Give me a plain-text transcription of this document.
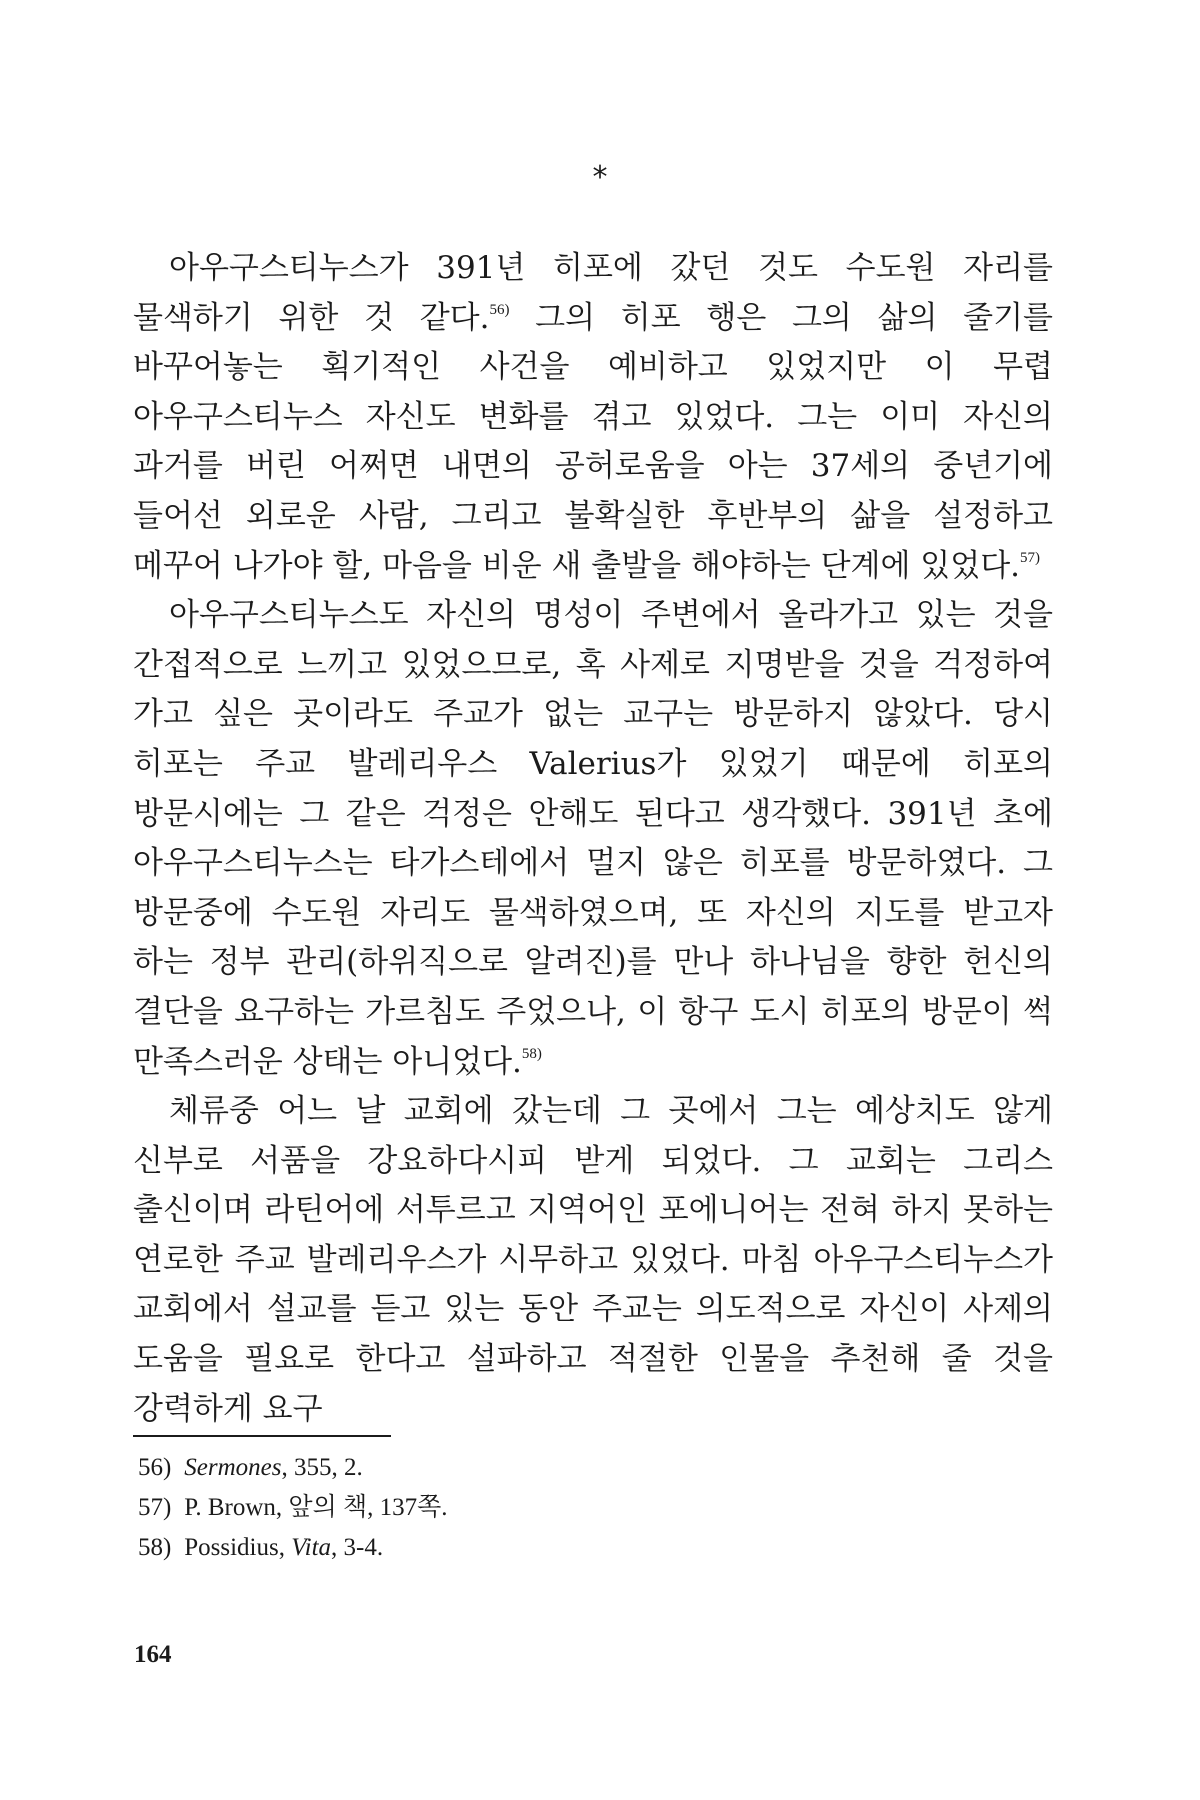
*

아우구스티누스가 391년 히포에 갔던 것도 수도원 자리를 물색하기 위한 것 같다.$^{56)}$ 그의 히포 행은 그의 삶의 줄기를 바꾸어놓는 획기적인 사건을 예비하고 있었지만 이 무렵 아우구스티누스 자신도 변화를 겪고 있었다. 그는 이미 자신의 과거를 버린 어쩌면 내면의 공허로움을 아는 37세의 중년기에 들어선 외로운 사람, 그리고 불확실한 후반부의 삶을 설정하고 메꾸어 나가야 할, 마음을 비운 새 출발을 해야하는 단계에 있었다.$^{57)}$

아우구스티누스도 자신의 명성이 주변에서 올라가고 있는 것을 간접적으로 느끼고 있었으므로, 혹 사제로 지명받을 것을 걱정하여 가고 싶은 곳이라도 주교가 없는 교구는 방문하지 않았다. 당시 히포는 주교 발레리우스 Valerius가 있었기 때문에 히포의 방문시에는 그 같은 걱정은 안해도 된다고 생각했다. 391년 초에 아우구스티누스는 타가스테에서 멀지 않은 히포를 방문하였다. 그 방문중에 수도원 자리도 물색하였으며, 또 자신의 지도를 받고자 하는 정부 관리(하위직으로 알려진)를 만나 하나님을 향한 헌신의 결단을 요구하는 가르침도 주었으나, 이 항구 도시 히포의 방문이 썩 만족스러운 상태는 아니었다.$^{58)}$

체류중 어느 날 교회에 갔는데 그 곳에서 그는 예상치도 않게 신부로 서품을 강요하다시피 받게 되었다. 그 교회는 그리스 출신이며 라틴어에 서투르고 지역어인 포에니어는 전혀 하지 못하는 연로한 주교 발레리우스가 시무하고 있었다. 마침 아우구스티누스가 교회에서 설교를 듣고 있는 동안 주교는 의도적으로 자신이 사제의 도움을 필요로 한다고 설파하고 적절한 인물을 추천해 줄 것을 강력하게 요구

56) Sermones, 355, 2.
57) P. Brown, 앞의 책, 137쪽.
58) Possidius, Vita, 3-4.
164
